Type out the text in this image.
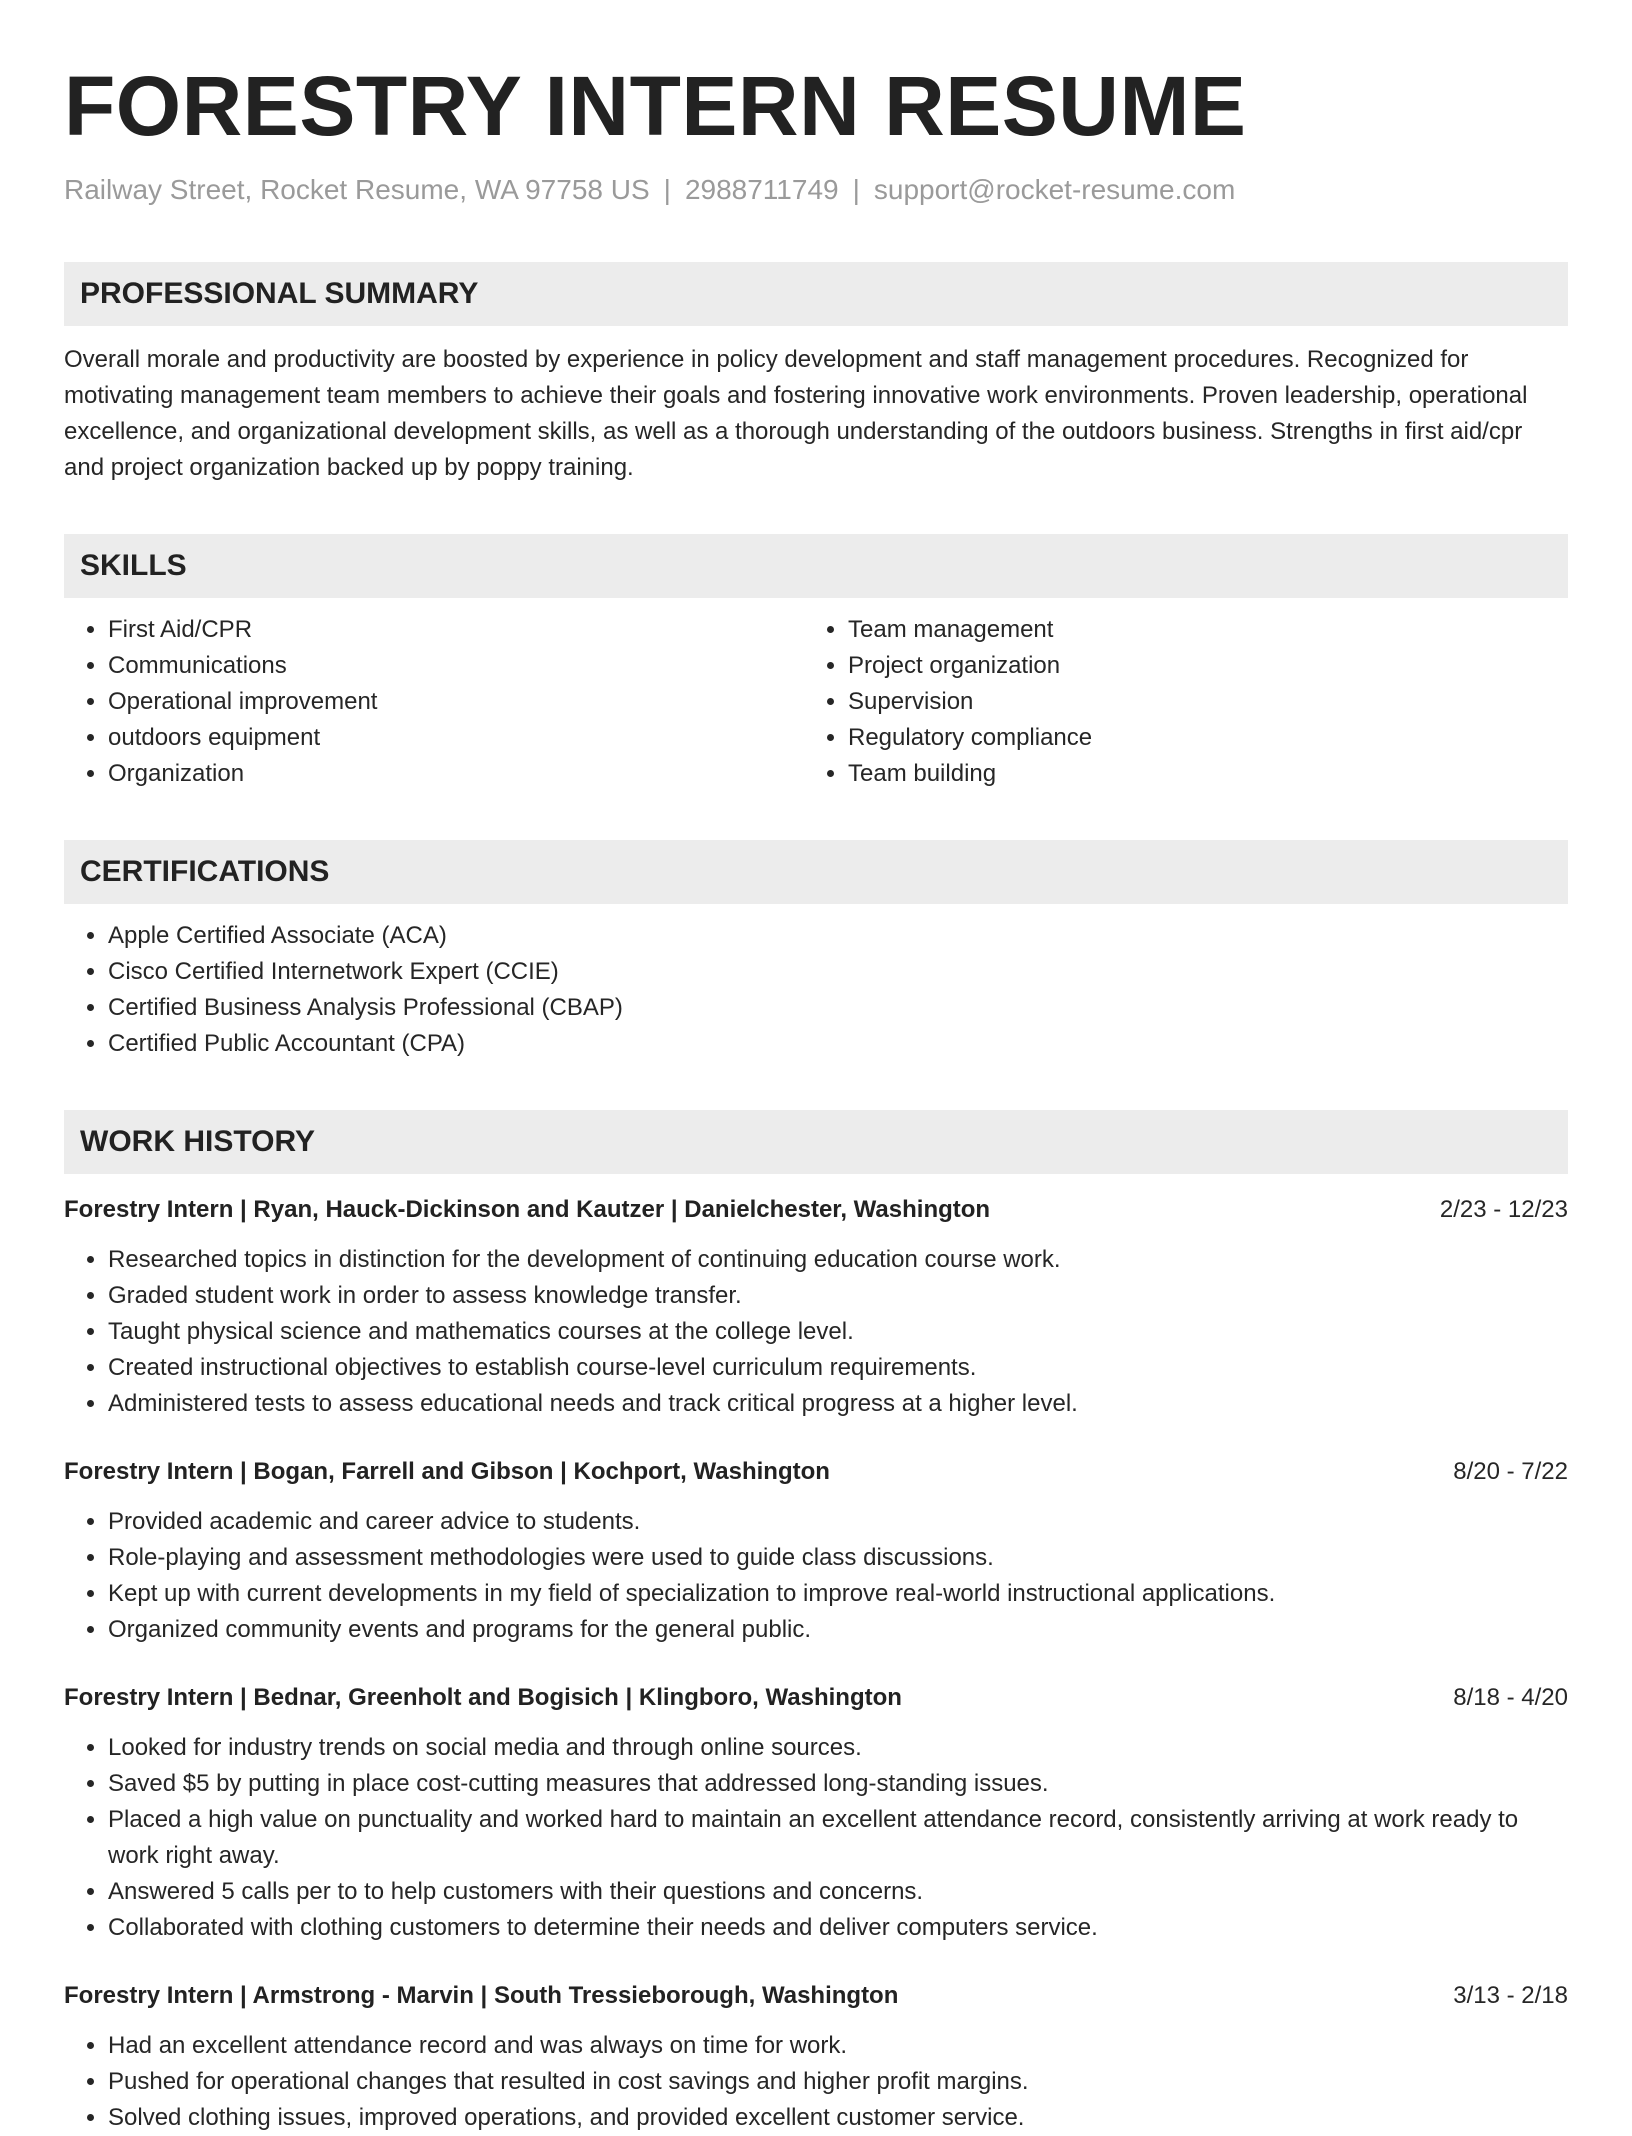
FORESTRY INTERN RESUME
Railway Street, Rocket Resume, WA 97758 US | 2988711749 | support@rocket-resume.com
PROFESSIONAL SUMMARY
Overall morale and productivity are boosted by experience in policy development and staff management procedures. Recognized for motivating management team members to achieve their goals and fostering innovative work environments. Proven leadership, operational excellence, and organizational development skills, as well as a thorough understanding of the outdoors business. Strengths in first aid/cpr and project organization backed up by poppy training.
SKILLS
• First Aid/CPR
• Communications
• Operational improvement
• outdoors equipment
• Organization
• Team management
• Project organization
• Supervision
• Regulatory compliance
• Team building
CERTIFICATIONS
• Apple Certified Associate (ACA)
• Cisco Certified Internetwork Expert (CCIE)
• Certified Business Analysis Professional (CBAP)
• Certified Public Accountant (CPA)
WORK HISTORY
Forestry Intern | Ryan, Hauck-Dickinson and Kautzer | Danielchester, Washington	2/23 - 12/23
• Researched topics in distinction for the development of continuing education course work.
• Graded student work in order to assess knowledge transfer.
• Taught physical science and mathematics courses at the college level.
• Created instructional objectives to establish course-level curriculum requirements.
• Administered tests to assess educational needs and track critical progress at a higher level.
Forestry Intern | Bogan, Farrell and Gibson | Kochport, Washington	8/20 - 7/22
• Provided academic and career advice to students.
• Role-playing and assessment methodologies were used to guide class discussions.
• Kept up with current developments in my field of specialization to improve real-world instructional applications.
• Organized community events and programs for the general public.
Forestry Intern | Bednar, Greenholt and Bogisich | Klingboro, Washington	8/18 - 4/20
• Looked for industry trends on social media and through online sources.
• Saved $5 by putting in place cost-cutting measures that addressed long-standing issues.
• Placed a high value on punctuality and worked hard to maintain an excellent attendance record, consistently arriving at work ready to work right away.
• Answered 5 calls per to to help customers with their questions and concerns.
• Collaborated with clothing customers to determine their needs and deliver computers service.
Forestry Intern | Armstrong - Marvin | South Tressieborough, Washington	3/13 - 2/18
• Had an excellent attendance record and was always on time for work.
• Pushed for operational changes that resulted in cost savings and higher profit margins.
• Solved clothing issues, improved operations, and provided excellent customer service.
